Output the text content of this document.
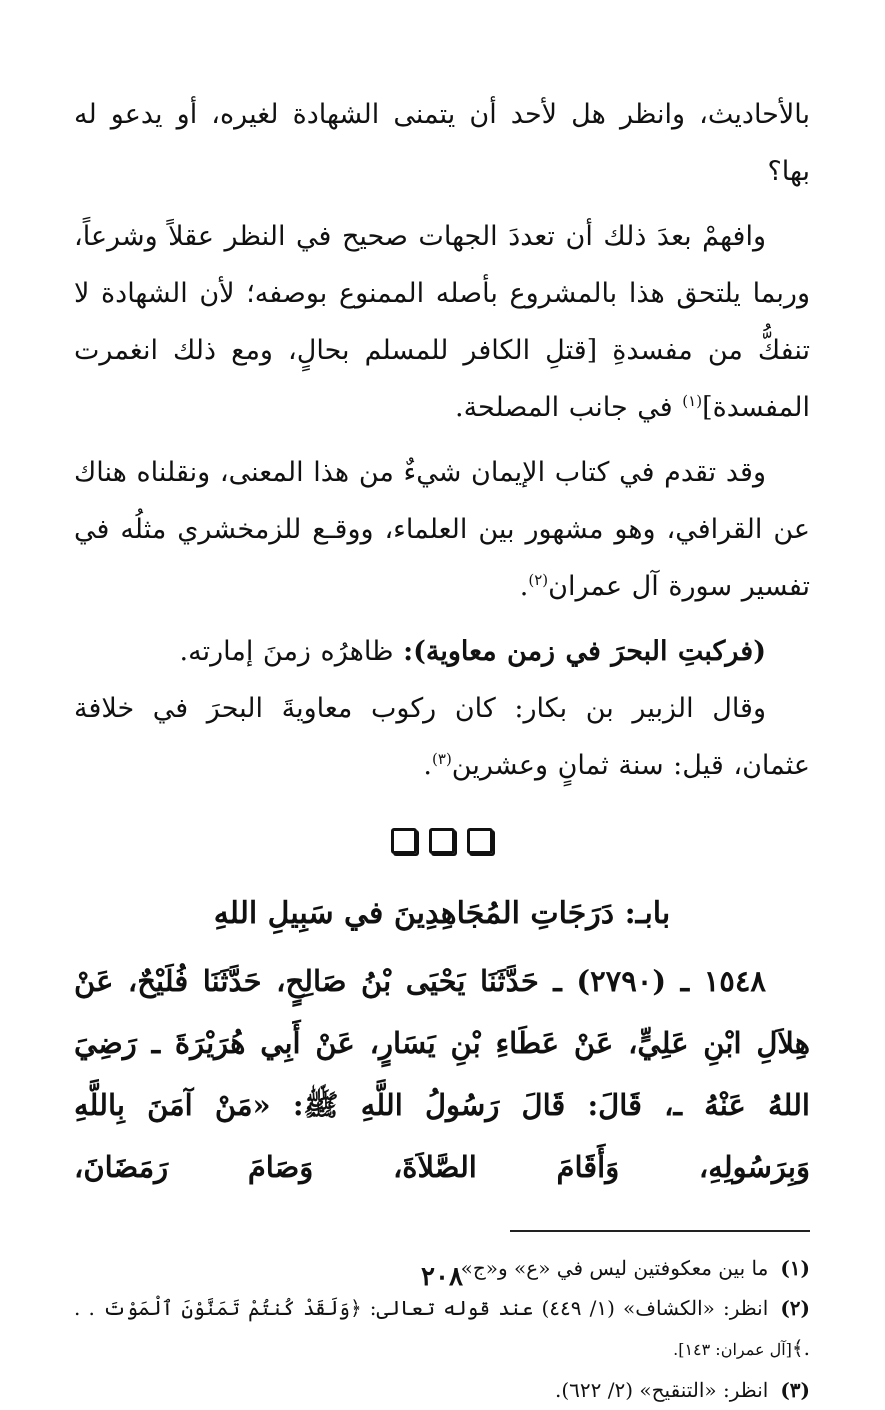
بالأحاديث، وانظر هل لأحد أن يتمنى الشهادة لغيره، أو يدعو له بها؟

وافهمْ بعدَ ذلك أن تعددَ الجهات صحيح في النظر عقلاً وشرعاً، وربما يلتحق هذا بالمشروع بأصله الممنوع بوصفه؛ لأن الشهادة لا تنفكُّ من مفسدةِ [قتلِ الكافر للمسلم بحالٍ، ومع ذلك انغمرت المفسدة]$^{(١)}$ في جانب المصلحة.

وقد تقدم في كتاب الإيمان شيءٌ من هذا المعنى، ونقلناه هناك عن القرافي، وهو مشهور بين العلماء، ووقـع للزمخشري مثلُه في تفسير سورة آل عمران$^{(٢)}$.

(فركبتِ البحرَ في زمن معاوية): ظاهرُه زمنَ إمارته.

وقال الزبير بن بكار: كان ركوب معاويةَ البحرَ في خلافة عثمان، قيل: سنة ثمانٍ وعشرين$^{(٣)}$.

بابـ: دَرَجَاتِ المُجَاهِدِينَ في سَبِيلِ اللهِ

١٥٤٨ ـ (٢٧٩٠) ـ حَدَّثَنَا يَحْيَى بْنُ صَالِحٍ، حَدَّثَنَا فُلَيْحٌ، عَنْ هِلاَلِ ابْنِ عَلِيٍّ، عَنْ عَطَاءِ بْنِ يَسَارٍ، عَنْ أَبِي هُرَيْرَةَ ـ رَضِيَ اللهُ عَنْهُ ـ، قَالَ: قَالَ رَسُولُ اللَّهِ ﷺ: «مَنْ آمَنَ بِاللَّهِ وَبِرَسُولِهِ، وَأَقَامَ الصَّلاَةَ، وَصَامَ رَمَضَانَ،

(١)ما بين معكوفتين ليس في «ع» و«ج».

(٢)انظر: «الكشاف» (١/ ٤٤٩) عند قوله تعالى: ﴿وَلَقَدْ كُنتُمْ تَمَنَّوْنَ ٱلْمَوْتَ . . .﴾[آل عمران: ١٤٣].

(٣)انظر: «التنقيح» (٢/ ٦٢٢).

٢٠٨
